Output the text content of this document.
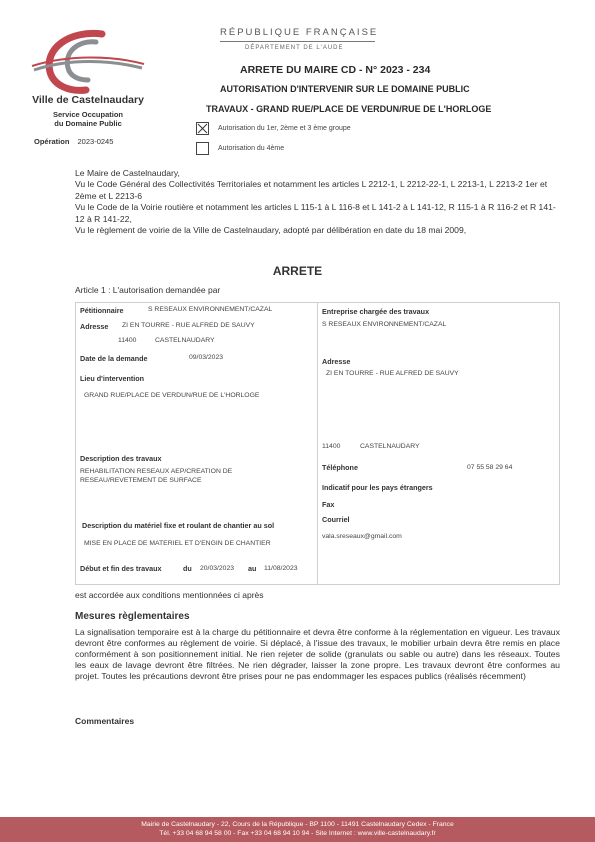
Ville de Castelnaudary
Service Occupation
du Domaine Public
Opération 2023-0245
RÉPUBLIQUE FRANÇAISE
DÉPARTEMENT DE L'AUDE
ARRETE DU MAIRE CD - N° 2023 - 234
AUTORISATION D'INTERVENIR SUR LE DOMAINE PUBLIC
TRAVAUX - GRAND RUE/PLACE DE VERDUN/RUE DE L'HORLOGE
Autorisation du 1er, 2ème et 3 ème groupe
Autorisation du 4ème

Le Maire de Castelnaudary,

Vu le Code Général des Collectivités Territoriales et notamment les articles L 2212-1, L 2212-22-1, L 2213-1, L 2213-2 1er et 2ème et L 2213-6

Vu le Code de la Voirie routière et notamment les articles L 115-1 à L 116-8 et L 141-2 à L 141-12, R 115-1 à R 116-2 et R 141-12 à R 141-22,

Vu le règlement de voirie de la Ville de Castelnaudary, adopté par délibération en date du 18 mai 2009,

ARRETE
Article 1 : L'autorisation demandée par
Pétitionnaire	S RESEAUX ENVIRONNEMENT/CAZAL
Adresse ZI EN TOURRE - RUE ALFRED DE SAUVY
11400	CASTELNAUDARY
Date de la demande	09/03/2023
Lieu d'intervention
GRAND RUE/PLACE DE VERDUN/RUE DE L'HORLOGE
Description des travaux
REHABILITATION RESEAUX AEP/CREATION DE
RESEAU/REVETEMENT DE SURFACE
Description du matériel fixe et roulant de chantier au sol
MISE EN PLACE DE MATERIEL ET D'ENGIN DE CHANTIER
Début et fin des travaux	du 20/03/2023 au 11/08/2023
Entreprise chargée des travaux
S RESEAUX ENVIRONNEMENT/CAZAL
Adresse
ZI EN TOURRE - RUE ALFRED DE SAUVY
11400	CASTELNAUDARY
Téléphone	07 55 58 29 64
Indicatif pour les pays étrangers
Fax
Courriel
vala.sreseaux@gmail.com
est accordée aux conditions mentionnées ci après
Mesures règlementaires
La signalisation temporaire est à la charge du pétitionnaire et devra être conforme à la réglementation en vigueur. Les travaux devront être conformes au règlement de voirie. Si déplacé, à l'issue des travaux, le mobilier urbain devra être remis en place conformément à son positionnement initial. Ne rien rejeter de solide (granulats ou sable ou autre) dans les réseaux. Toutes les eaux de lavage devront être filtrées. Ne rien dégrader, laisser la zone propre. Les travaux devront être conformes au projet. Toutes les précautions devront être prises pour ne pas endommager les espaces publics (réalisés récemment)
Commentaires
Mairie de Castelnaudary - 22, Cours de la République - BP 1100 - 11491 Castelnaudary Cedex - France
Tél. +33 04 68 94 58 00 - Fax +33 04 68 94 10 94 - Site Internet : www.ville-castelnaudary.fr
